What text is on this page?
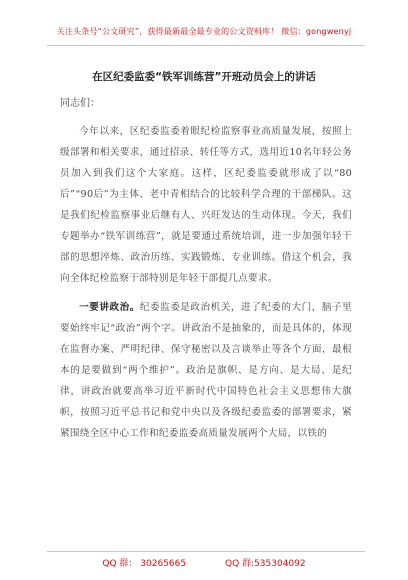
关注头条号“公文研究”，获得最新最全最专业的公文资料库！ 微信：gongwenyj
在区纪委监委“铁军训练营”开班动员会上的讲话
同志们：

今年以来，区纪委监委着眼纪检监察事业高质量发展，按照上级部署和相关要求，通过招录、转任等方式，选用近10名年轻公务员加入到我们这个大家庭。这样，区纪委监委就形成了以“80后”“90后”为主体、老中青相结合的比较科学合理的干部梯队。这是我们纪检监察事业后继有人、兴旺发达的生动体现。今天，我们专题举办“铁军训练营”，就是要通过系统培训，进一步加强年轻干部的思想淬炼、政治历练、实践锻炼、专业训练。借这个机会，我向全体纪检监察干部特别是年轻干部提几点要求。

一要讲政治。纪委监委是政治机关，进了纪委的大门，脑子里要始终牢记“政治”两个字。讲政治不是抽象的，而是具体的，体现在监督办案、严明纪律、保守秘密以及言谈举止等各个方面，最根本的是要做到“两个维护”。政治是旗帜、是方向、是大局、是纪律，讲政治就要高举习近平新时代中国特色社会主义思想伟大旗帜，按照习近平总书记和党中央以及各级纪委监委的部署要求，紧紧围绕全区中心工作和纪委监委高质量发展两个大局，以铁的

QQ 群： 30265665	QQ 群:535304092
